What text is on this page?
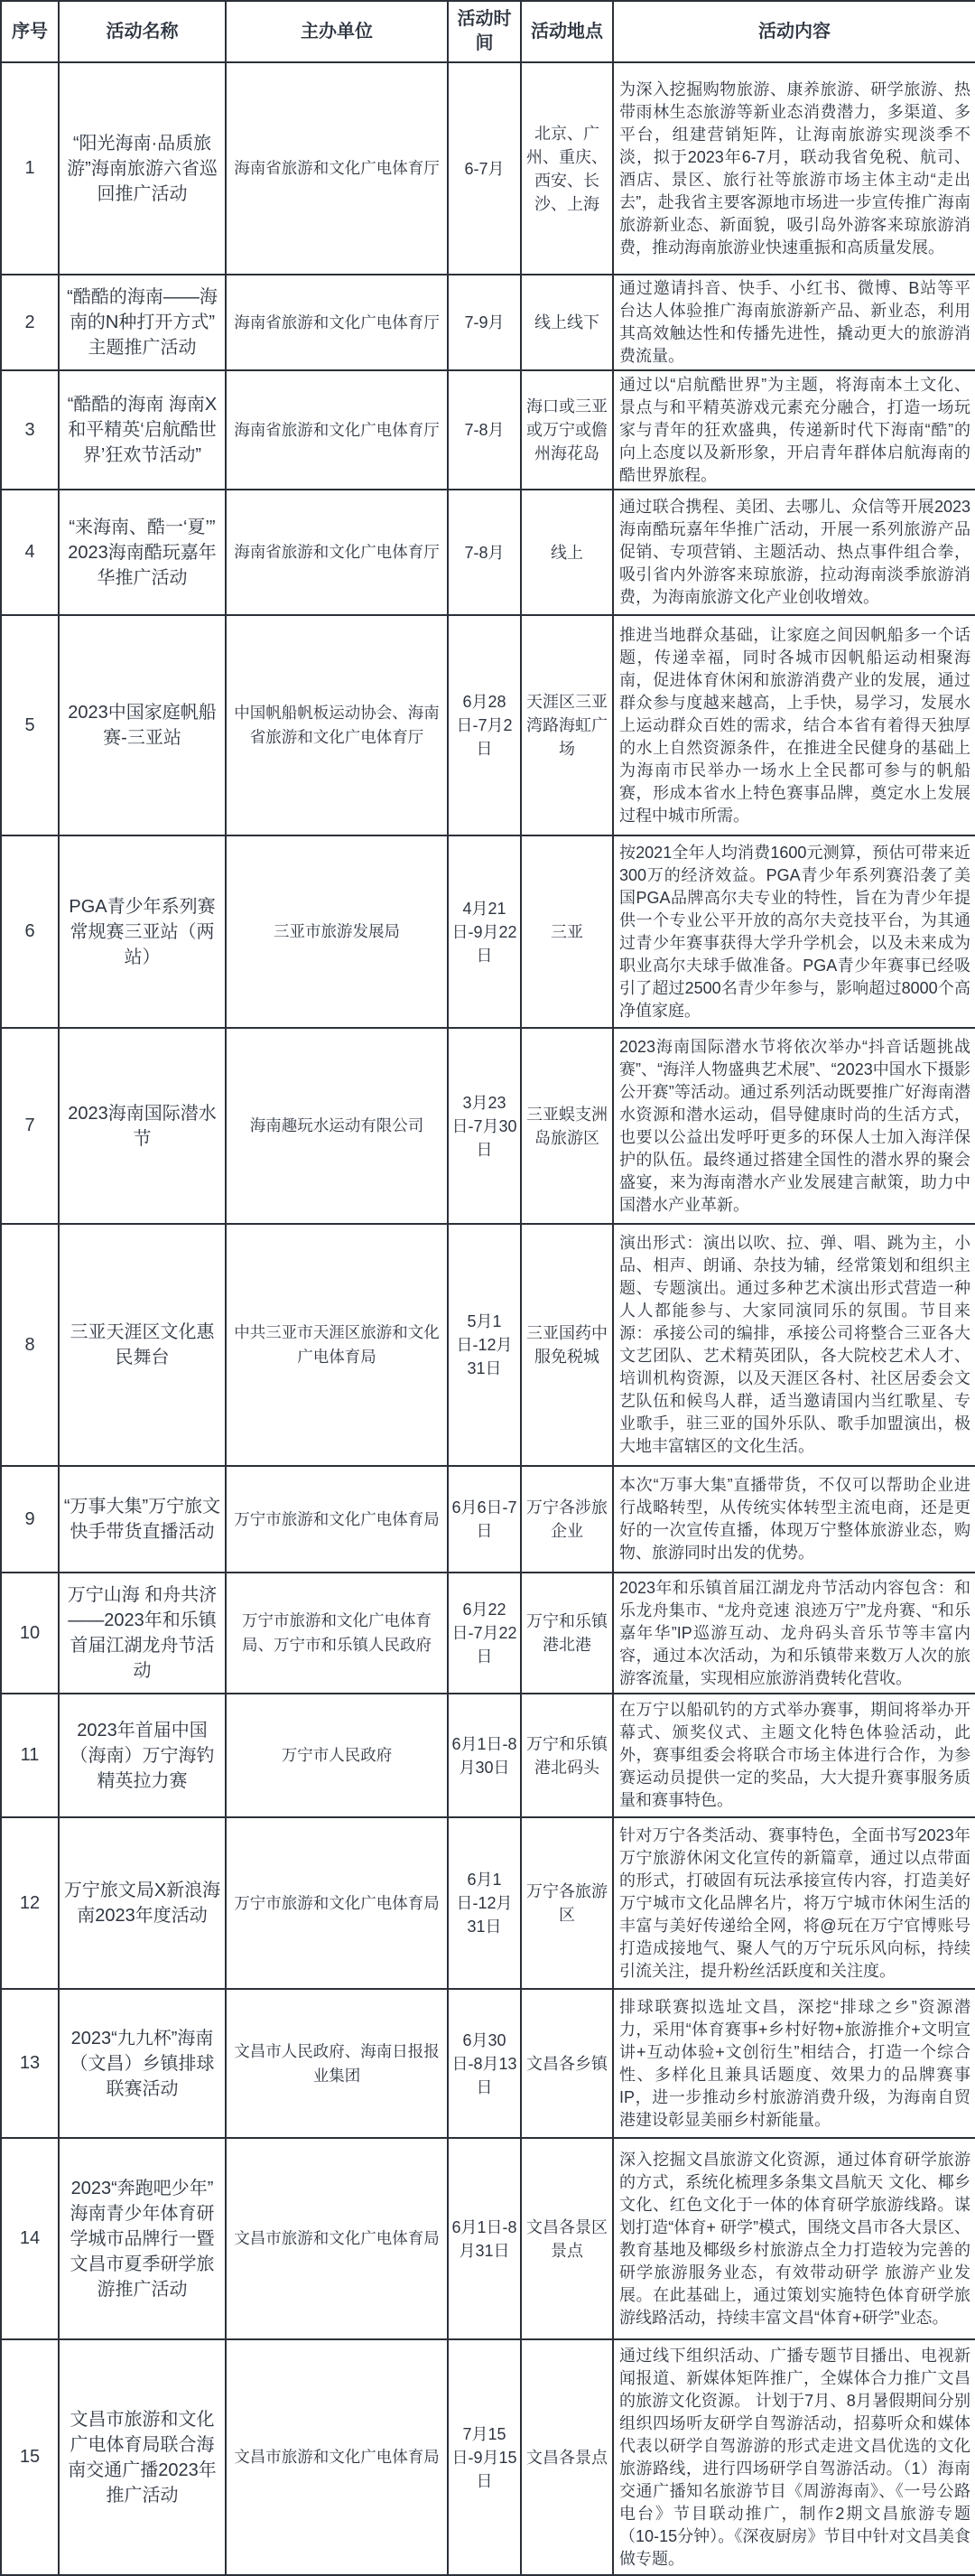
序号	活动名称	主办单位	活动时间	活动地点	活动内容
1	“阳光海南·品质旅游”海南旅游六省巡回推广活动	海南省旅游和文化广电体育厅	6-7月	北京、广州、重庆、西安、长沙、上海	为深入挖掘购物旅游、康养旅游、研学旅游、热带雨林生态旅游等新业态消费潜力，多渠道、多平台，组建营销矩阵，让海南旅游实现淡季不淡，拟于2023年6-7月，联动我省免税、航司、酒店、景区、旅行社等旅游市场主体主动“走出去”，赴我省主要客源地市场进一步宣传推广海南旅游新业态、新面貌，吸引岛外游客来琼旅游消费，推动海南旅游业快速重振和高质量发展。
2	“酷酷的海南——海南的N种打开方式”主题推广活动	海南省旅游和文化广电体育厅	7-9月	线上线下	通过邀请抖音、快手、小红书、微博、B站等平台达人体验推广海南旅游新产品、新业态，利用其高效触达性和传播先进性，撬动更大的旅游消费流量。
3	“酷酷的海南 海南X和平精英‘启航酷世界’狂欢节活动”	海南省旅游和文化广电体育厅	7-8月	海口或三亚或万宁或儋州海花岛	通过以“启航酷世界”为主题，将海南本土文化、景点与和平精英游戏元素充分融合，打造一场玩家与青年的狂欢盛典，传递新时代下海南“酷”的向上态度以及新形象，开启青年群体启航海南的酷世界旅程。
4	“来海南、酷一‘夏’”2023海南酷玩嘉年华推广活动	海南省旅游和文化广电体育厅	7-8月	线上	通过联合携程、美团、去哪儿、众信等开展2023海南酷玩嘉年华推广活动，开展一系列旅游产品促销、专项营销、主题活动、热点事件组合拳，吸引省内外游客来琼旅游，拉动海南淡季旅游消费，为海南旅游文化产业创收增效。
5	2023中国家庭帆船赛-三亚站	中国帆船帆板运动协会、海南省旅游和文化广电体育厅	6月28日-7月2日	天涯区三亚湾路海虹广场	推进当地群众基础，让家庭之间因帆船多一个话题，传递幸福，同时各城市因帆船运动相聚海南，促进体育休闲和旅游消费产业的发展，通过群众参与度越来越高，上手快，易学习，发展水上运动群众百姓的需求，结合本省有着得天独厚的水上自然资源条件，在推进全民健身的基础上为海南市民举办一场水上全民都可参与的帆船赛，形成本省水上特色赛事品牌，奠定水上发展过程中城市所需。
6	PGA青少年系列赛常规赛三亚站（两站）	三亚市旅游发展局	4月21日-9月22日	三亚	按2021全年人均消费1600元测算，预估可带来近300万的经济效益。PGA青少年系列赛沿袭了美国PGA品牌高尔夫专业的特性，旨在为青少年提供一个专业公平开放的高尔夫竞技平台，为其通过青少年赛事获得大学升学机会，以及未来成为职业高尔夫球手做准备。PGA青少年赛事已经吸引了超过2500名青少年参与，影响超过8000个高净值家庭。
7	2023海南国际潜水节	海南趣玩水运动有限公司	3月23日-7月30日	三亚蜈支洲岛旅游区	2023海南国际潜水节将依次举办“抖音话题挑战赛”、“海洋人物盛典艺术展”、“2023中国水下摄影公开赛”等活动。通过系列活动既要推广好海南潜水资源和潜水运动，倡导健康时尚的生活方式，也要以公益出发呼吁更多的环保人士加入海洋保护的队伍。最终通过搭建全国性的潜水界的聚会盛宴，来为海南潜水产业发展建言献策，助力中国潜水产业革新。
8	三亚天涯区文化惠民舞台	中共三亚市天涯区旅游和文化广电体育局	5月1日-12月31日	三亚国药中服免税城	演出形式：演出以吹、拉、弹、唱、跳为主，小品、相声、朗诵、杂技为辅，经常策划和组织主题、专题演出。通过多种艺术演出形式营造一种人人都能参与、大家同演同乐的氛围。节目来源：承接公司的编排，承接公司将整合三亚各大文艺团队、艺术精英团队，各大院校艺术人才、培训机构资源，以及天涯区各村、社区居委会文艺队伍和候鸟人群，适当邀请国内当红歌星、专业歌手，驻三亚的国外乐队、歌手加盟演出，极大地丰富辖区的文化生活。
9	“万事大集”万宁旅文快手带货直播活动	万宁市旅游和文化广电体育局	6月6日-7日	万宁各涉旅企业	本次“万事大集”直播带货，不仅可以帮助企业进行战略转型，从传统实体转型主流电商，还是更好的一次宣传直播，体现万宁整体旅游业态，购物、旅游同时出发的优势。
10	万宁山海 和舟共济——2023年和乐镇首届江湖龙舟节活动	万宁市旅游和文化广电体育局、万宁市和乐镇人民政府	6月22日-7月22日	万宁和乐镇港北港	2023年和乐镇首届江湖龙舟节活动内容包含：和乐龙舟集市、“龙舟竞速 浪迹万宁”龙舟赛、“和乐嘉年华”IP巡游互动、龙舟码头音乐节等丰富内容，通过本次活动，为和乐镇带来数万人次的旅游客流量，实现相应旅游消费转化营收。
11	2023年首届中国（海南）万宁海钓精英拉力赛	万宁市人民政府	6月1日-8月30日	万宁和乐镇港北码头	在万宁以船矶钓的方式举办赛事，期间将举办开幕式、颁奖仪式、主题文化特色体验活动，此外，赛事组委会将联合市场主体进行合作，为参赛运动员提供一定的奖品，大大提升赛事服务质量和赛事特色。
12	万宁旅文局X新浪海南2023年度活动	万宁市旅游和文化广电体育局	6月1日-12月31日	万宁各旅游区	针对万宁各类活动、赛事特色，全面书写2023年万宁旅游休闲文化宣传的新篇章，通过以点带面的形式，打破固有玩法承接宣传内容，打造美好万宁城市文化品牌名片，将万宁城市休闲生活的丰富与美好传递给全网，将@玩在万宁官博账号打造成接地气、聚人气的万宁玩乐风向标，持续引流关注，提升粉丝活跃度和关注度。
13	2023“九九杯”海南（文昌）乡镇排球联赛活动	文昌市人民政府、海南日报报业集团	6月30日-8月13日	文昌各乡镇	排球联赛拟选址文昌，深挖“排球之乡”资源潜力，采用“体育赛事+乡村好物+旅游推介+文明宣讲+互动体验+文创衍生”相结合，打造一个综合性、多样化且兼具话题度、效果力的品牌赛事IP，进一步推动乡村旅游消费升级，为海南自贸港建设彰显美丽乡村新能量。
14	2023“奔跑吧少年”海南青少年体育研学城市品牌行一暨文昌市夏季研学旅游推广活动	文昌市旅游和文化广电体育局	6月1日-8月31日	文昌各景区景点	深入挖掘文昌旅游文化资源，通过体育研学旅游的方式，系统化梳理多条集文昌航天 文化、椰乡文化、红色文化于一体的体育研学旅游线路。谋划打造“体育+ 研学”模式，围绕文昌市各大景区、教育基地及椰级乡村旅游点全力打造较为完善的研学旅游服务业态，有效带动研学 旅游产业发展。在此基础上，通过策划实施特色体育研学旅游线路活动，持续丰富文昌“体育+研学”业态。
15	文昌市旅游和文化广电体育局联合海南交通广播2023年推广活动	文昌市旅游和文化广电体育局	7月15日-9月15日	文昌各景点	通过线下组织活动、广播专题节目播出、电视新闻报道、新媒体矩阵推广，全媒体合力推广文昌的旅游文化资源。 计划于7月、8月暑假期间分别组织四场听友研学自驾游活动，招募听众和媒体代表以研学自驾游游的形式走进文昌优选的文化旅游路线，进行四场研学自驾游活动。（1）海南交通广播知名旅游节目《周游海南》、《一号公路电台》节目联动推广，制作2期文昌旅游专题（10-15分钟）。《深夜厨房》节目中针对文昌美食做专题。
